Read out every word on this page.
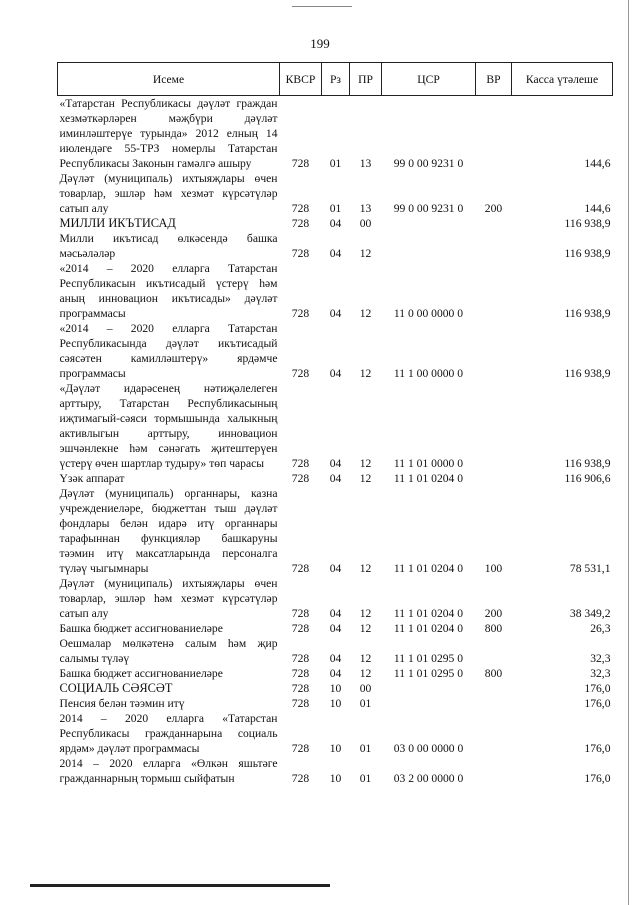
199
Исеме	КВСР	Рз	ПР	ЦСР	ВР	Касса үтәлеше
«Татарстан Республикасы дәүләт граждан хезмәткәрләрен мәҗбүри дәүләт иминләштерүе турында» 2012 елның 14 июлендәге 55-ТРЗ номерлы Татарстан Республикасы Законын гамәлгә ашыру	728	01	13	99 0 00 9231 0		144,6
Дәүләт (муниципаль) ихтыяҗлары өчен товарлар, эшләр һәм хезмәт күрсәтүләр сатып алу	728	01	13	99 0 00 9231 0	200	144,6
МИЛЛИ ИКЪТИСАД	728	04	00			116 938,9
Милли икътисад өлкәсендә башка мәсьәләләр	728	04	12			116 938,9
«2014 – 2020 елларга Татарстан Республикасын икътисадый үстерү һәм аның инновацион икътисады» дәүләт программасы	728	04	12	11 0 00 0000 0		116 938,9
«2014 – 2020 елларга Татарстан Республикасында дәүләт икътисадый сәясәтен камилләштерү» ярдәмче программасы	728	04	12	11 1 00 0000 0		116 938,9
«Дәүләт идарәсенең нәтиҗәлелеген арттыру, Татарстан Республикасының иҗтимагый-сәяси тормышында халыкның активлыгын арттыру, инновацион эшчәнлекне һәм сәнәгать җитештерүен үстерү өчен шартлар тудыру» төп чарасы	728	04	12	11 1 01 0000 0		116 938,9
Үзәк аппарат	728	04	12	11 1 01 0204 0		116 906,6
Дәүләт (муниципаль) органнары, казна учреждениеләре, бюджеттан тыш дәүләт фондлары белән идарә итү органнары тарафыннан функцияләр башкаруны тәэмин итү максатларында персоналга түләү чыгымнары	728	04	12	11 1 01 0204 0	100	78 531,1
Дәүләт (муниципаль) ихтыяҗлары өчен товарлар, эшләр һәм хезмәт күрсәтүләр сатып алу	728	04	12	11 1 01 0204 0	200	38 349,2
Башка бюджет ассигнованиеләре	728	04	12	11 1 01 0204 0	800	26,3
Оешмалар мөлкәтенә салым һәм җир салымы түләү	728	04	12	11 1 01 0295 0		32,3
Башка бюджет ассигнованиеләре	728	04	12	11 1 01 0295 0	800	32,3
СОЦИАЛЬ СӘЯСӘТ	728	10	00			176,0
Пенсия белән тәэмин итү	728	10	01			176,0
2014 – 2020 елларга «Татарстан Республикасы гражданнарына социаль ярдәм» дәүләт программасы	728	10	01	03 0 00 0000 0		176,0
2014 – 2020 елларга «Өлкән яшьтәге гражданнарның тормыш сыйфатын	728	10	01	03 2 00 0000 0		176,0
